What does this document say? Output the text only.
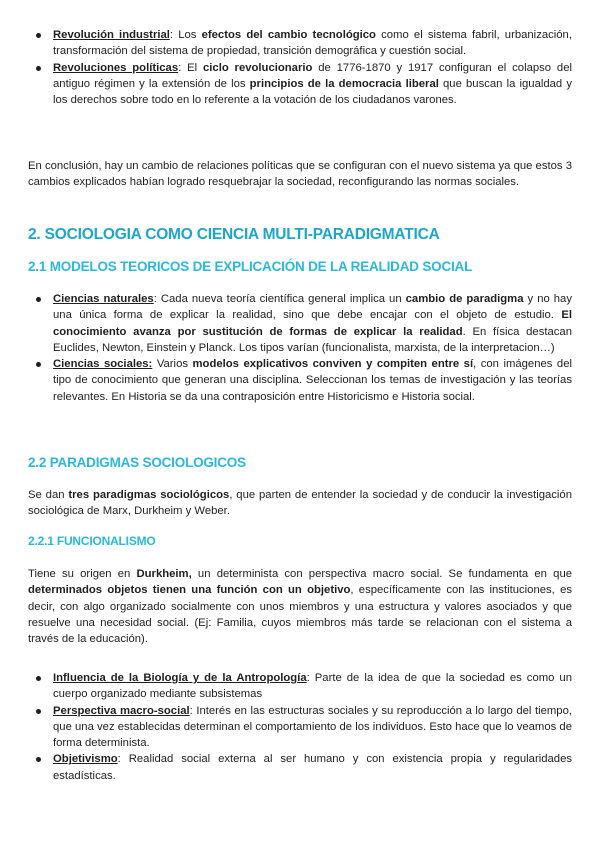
Revolución industrial: Los efectos del cambio tecnológico como el sistema fabril, urbanización, transformación del sistema de propiedad, transición demográfica y cuestión social.
Revoluciones políticas: El ciclo revolucionario de 1776-1870 y 1917 configuran el colapso del antiguo régimen y la extensión de los principios de la democracia liberal que buscan la igualdad y los derechos sobre todo en lo referente a la votación de los ciudadanos varones.

En conclusión, hay un cambio de relaciones políticas que se configuran con el nuevo sistema ya que estos 3 cambios explicados habían logrado resquebrajar la sociedad, reconfigurando las normas sociales.

2. SOCIOLOGIA COMO CIENCIA MULTI-PARADIGMATICA
2.1 MODELOS TEORICOS DE EXPLICACIÓN DE LA REALIDAD SOCIAL
Ciencias naturales: Cada nueva teoría científica general implica un cambio de paradigma y no hay una única forma de explicar la realidad, sino que debe encajar con el objeto de estudio. El conocimiento avanza por sustitución de formas de explicar la realidad. En física destacan Euclides, Newton, Einstein y Planck. Los tipos varían (funcionalista, marxista, de la interpretacion…)
Ciencias sociales: Varios modelos explicativos conviven y compiten entre sí, con imágenes del tipo de conocimiento que generan una disciplina. Seleccionan los temas de investigación y las teorías relevantes. En Historia se da una contraposición entre Historicismo e Historia social.
2.2 PARADIGMAS SOCIOLOGICOS

Se dan tres paradigmas sociológicos, que parten de entender la sociedad y de conducir la investigación sociológica de Marx, Durkheim y Weber.

2.2.1 FUNCIONALISMO

Tiene su origen en Durkheim, un determinista con perspectiva macro social. Se fundamenta en que determinados objetos tienen una función con un objetivo, específicamente con las instituciones, es decir, con algo organizado socialmente con unos miembros y una estructura y valores asociados y que resuelve una necesidad social. (Ej: Familia, cuyos miembros más tarde se relacionan con el sistema a través de la educación).

Influencia de la Biología y de la Antropología: Parte de la idea de que la sociedad es como un cuerpo organizado mediante subsistemas
Perspectiva macro-social: Interés en las estructuras sociales y su reproducción a lo largo del tiempo, que una vez establecidas determinan el comportamiento de los individuos. Esto hace que lo veamos de forma determinista.
Objetivismo: Realidad social externa al ser humano y con existencia propia y regularidades estadísticas.
